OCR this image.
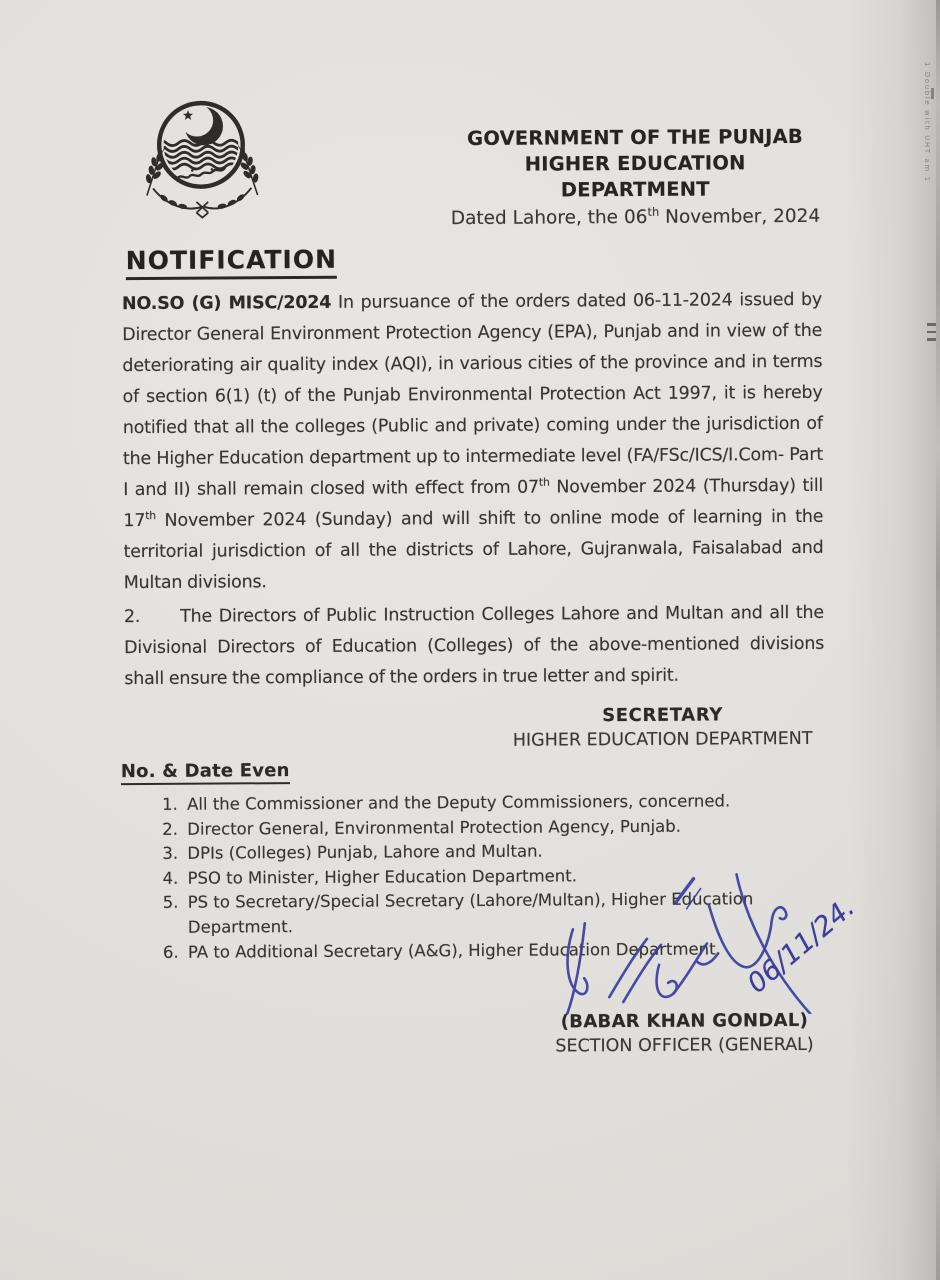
GOVERNMENT OF THE PUNJAB
HIGHER EDUCATION DEPARTMENT
Dated Lahore, the 06th November, 2024
NOTIFICATION

NO.SO (G) MISC/2024 In pursuance of the orders dated 06-11-2024 issued by Director General Environment Protection Agency (EPA), Punjab and in view of the deteriorating air quality index (AQI), in various cities of the province and in terms of section 6(1) (t) of the Punjab Environmental Protection Act 1997, it is hereby notified that all the colleges (Public and private) coming under the jurisdiction of the Higher Education department up to intermediate level (FA/FSc/ICS/I.Com- Part I and II) shall remain closed with effect from 07th November 2024 (Thursday) till 17th November 2024 (Sunday) and will shift to online mode of learning in the territorial jurisdiction of all the districts of Lahore, Gujranwala, Faisalabad and Multan divisions.

2.      The Directors of Public Instruction Colleges Lahore and Multan and all the Divisional Directors of Education (Colleges) of the above-mentioned divisions shall ensure the compliance of the orders in true letter and spirit.

SECRETARY
HIGHER EDUCATION DEPARTMENT
No. & Date Even
1. All the Commissioner and the Deputy Commissioners, concerned.
2. Director General, Environmental Protection Agency, Punjab.
3. DPIs (Colleges) Punjab, Lahore and Multan.
4. PSO to Minister, Higher Education Department.
5. PS to Secretary/Special Secretary (Lahore/Multan), Higher Education Department.
6. PA to Additional Secretary (A&G), Higher Education Department. 06/11/24.
(BABAR KHAN GONDAL)
SECTION OFFICER (GENERAL)
1 Double with UHT am 1
